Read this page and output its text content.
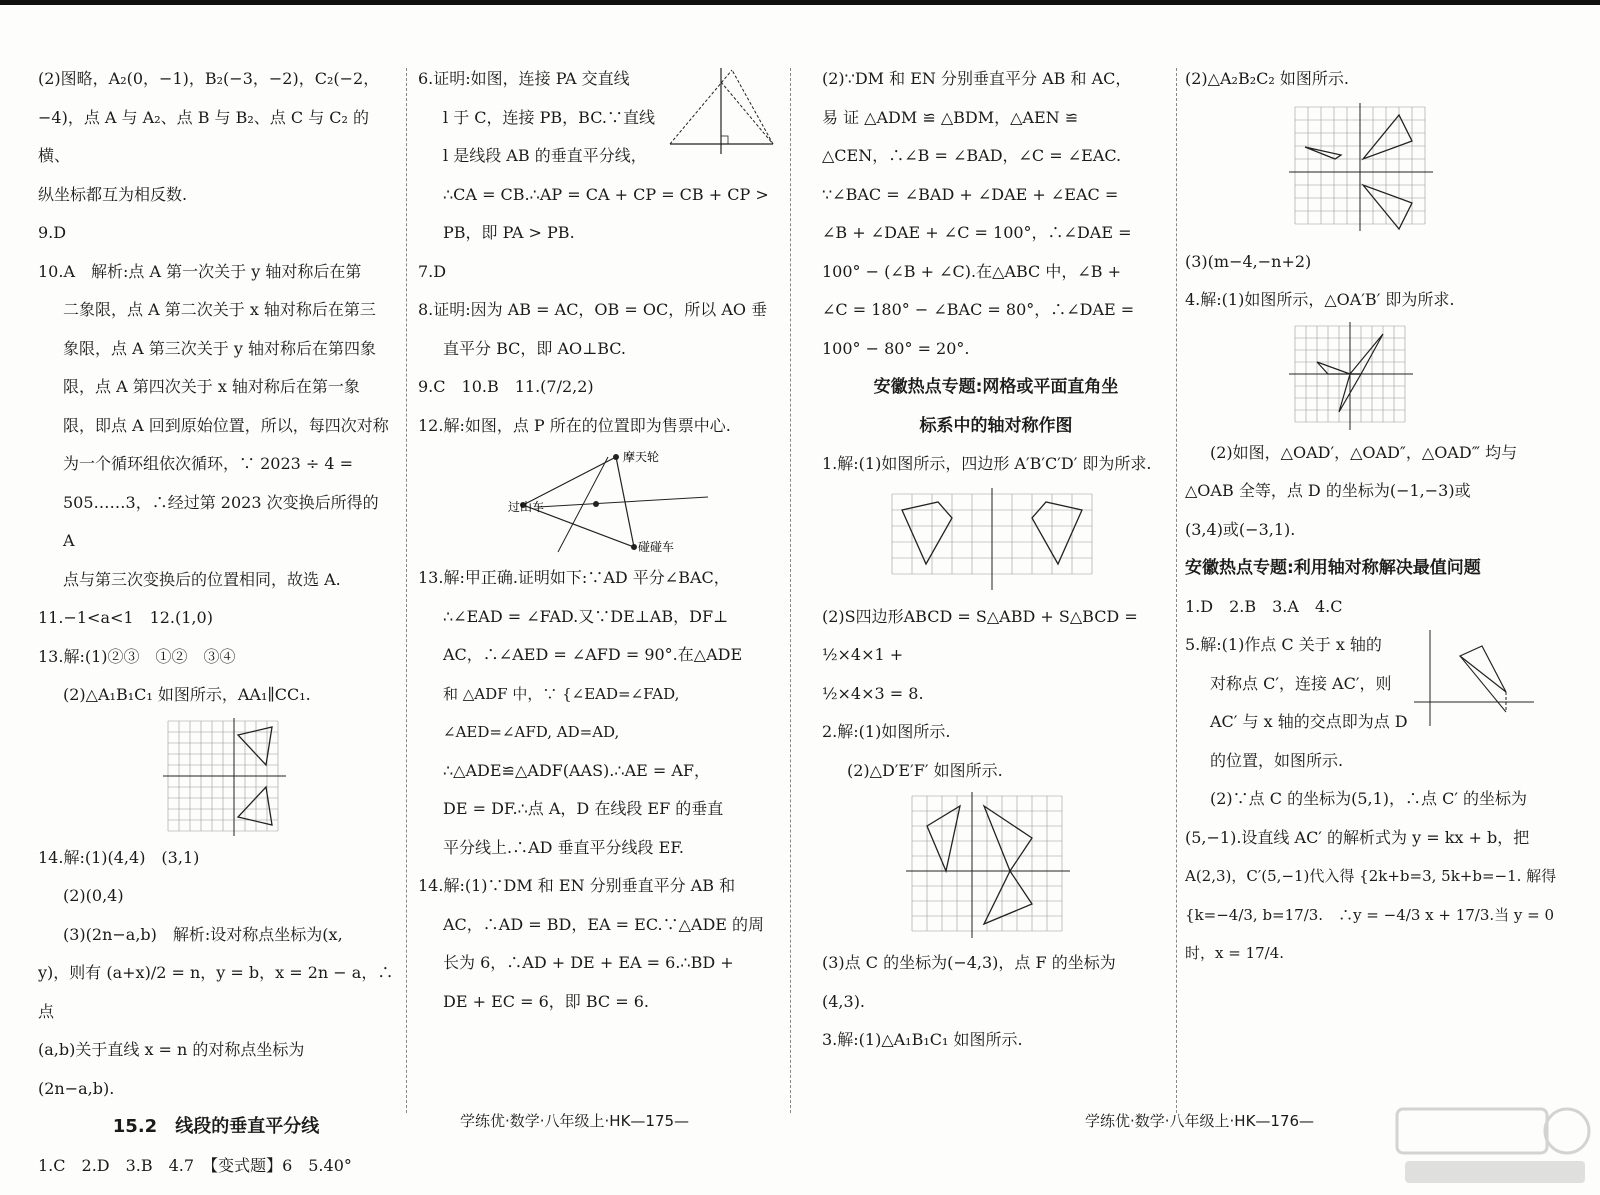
(2)图略，A₂(0，−1)，B₂(−3，−2)，C₂(−2，

−4)，点 A 与 A₂、点 B 与 B₂、点 C 与 C₂ 的横、

纵坐标都互为相反数.

9.D

10.A　解析:点 A 第一次关于 y 轴对称后在第

二象限，点 A 第二次关于 x 轴对称后在第三

象限，点 A 第三次关于 y 轴对称后在第四象

限，点 A 第四次关于 x 轴对称后在第一象

限，即点 A 回到原始位置，所以，每四次对称

为一个循环组依次循环，∵ 2023 ÷ 4 =

505……3，∴经过第 2023 次变换后所得的 A

点与第三次变换后的位置相同，故选 A.

11.−1<a<1　12.(1,0)

13.解:(1)②③　①②　③④

(2)△A₁B₁C₁ 如图所示，AA₁∥CC₁.

14.解:(1)(4,4)　(3,1)

(2)(0,4)

(3)(2n−a,b)　解析:设对称点坐标为(x,

y)，则有 (a+x)/2 = n，y = b，x = 2n − a，∴点

(a,b)关于直线 x = n 的对称点坐标为

(2n−a,b).

15.2　线段的垂直平分线

1.C　2.D　3.B　4.7　【变式题】6　5.40°

6.证明:如图，连接 PA 交直线

l 于 C，连接 PB，BC.∵直线

l 是线段 AB 的垂直平分线，

∴CA = CB.∴AP = CA + CP = CB + CP >

PB，即 PA > PB.

7.D

8.证明:因为 AB = AC，OB = OC，所以 AO 垂

直平分 BC，即 AO⊥BC.

9.C　10.B　11.(7/2,2)

12.解:如图，点 P 所在的位置即为售票中心.

摩天轮
过山车
碰碰车

13.解:甲正确.证明如下:∵AD 平分∠BAC，

∴∠EAD = ∠FAD.又∵DE⊥AB，DF⊥

AC，∴∠AED = ∠AFD = 90°.在△ADE

和 △ADF 中，∵ {∠EAD=∠FAD, ∠AED=∠AFD, AD=AD,

∴△ADE≌△ADF(AAS).∴AE = AF，

DE = DF.∴点 A，D 在线段 EF 的垂直

平分线上.∴AD 垂直平分线段 EF.

14.解:(1)∵DM 和 EN 分别垂直平分 AB 和

AC，∴AD = BD，EA = EC.∵△ADE 的周

长为 6，∴AD + DE + EA = 6.∴BD +

DE + EC = 6，即 BC = 6.

(2)∵DM 和 EN 分别垂直平分 AB 和 AC，

易 证 △ADM ≌ △BDM，△AEN ≌

△CEN，∴∠B = ∠BAD，∠C = ∠EAC.

∵∠BAC = ∠BAD + ∠DAE + ∠EAC =

∠B + ∠DAE + ∠C = 100°，∴∠DAE =

100° − (∠B + ∠C).在△ABC 中，∠B +

∠C = 180° − ∠BAC = 80°，∴∠DAE =

100° − 80° = 20°.

安徽热点专题:网格或平面直角坐

标系中的轴对称作图

1.解:(1)如图所示，四边形 A′B′C′D′ 即为所求.

(2)S四边形ABCD = S△ABD + S△BCD = ½×4×1 +

½×4×3 = 8.

2.解:(1)如图所示.

(2)△D′E′F′ 如图所示.

(3)点 C 的坐标为(−4,3)，点 F 的坐标为

(4,3).

3.解:(1)△A₁B₁C₁ 如图所示.

(2)△A₂B₂C₂ 如图所示.

(3)(m−4,−n+2)

4.解:(1)如图所示，△OA′B′ 即为所求.

(2)如图，△OAD′，△OAD″，△OAD‴ 均与

△OAB 全等，点 D 的坐标为(−1,−3)或

(3,4)或(−3,1).

安徽热点专题:利用轴对称解决最值问题

1.D　2.B　3.A　4.C

5.解:(1)作点 C 关于 x 轴的

对称点 C′，连接 AC′，则

AC′ 与 x 轴的交点即为点 D

的位置，如图所示.

(2)∵点 C 的坐标为(5,1)，∴点 C′ 的坐标为

(5,−1).设直线 AC′ 的解析式为 y = kx + b，把

A(2,3)，C′(5,−1)代入得 {2k+b=3, 5k+b=−1. 解得

{k=−4/3, b=17/3.　∴y = −4/3 x + 17/3.当 y = 0 时，x = 17/4.

学练优·数学·八年级上·HK—175—	学练优·数学·八年级上·HK—176—
